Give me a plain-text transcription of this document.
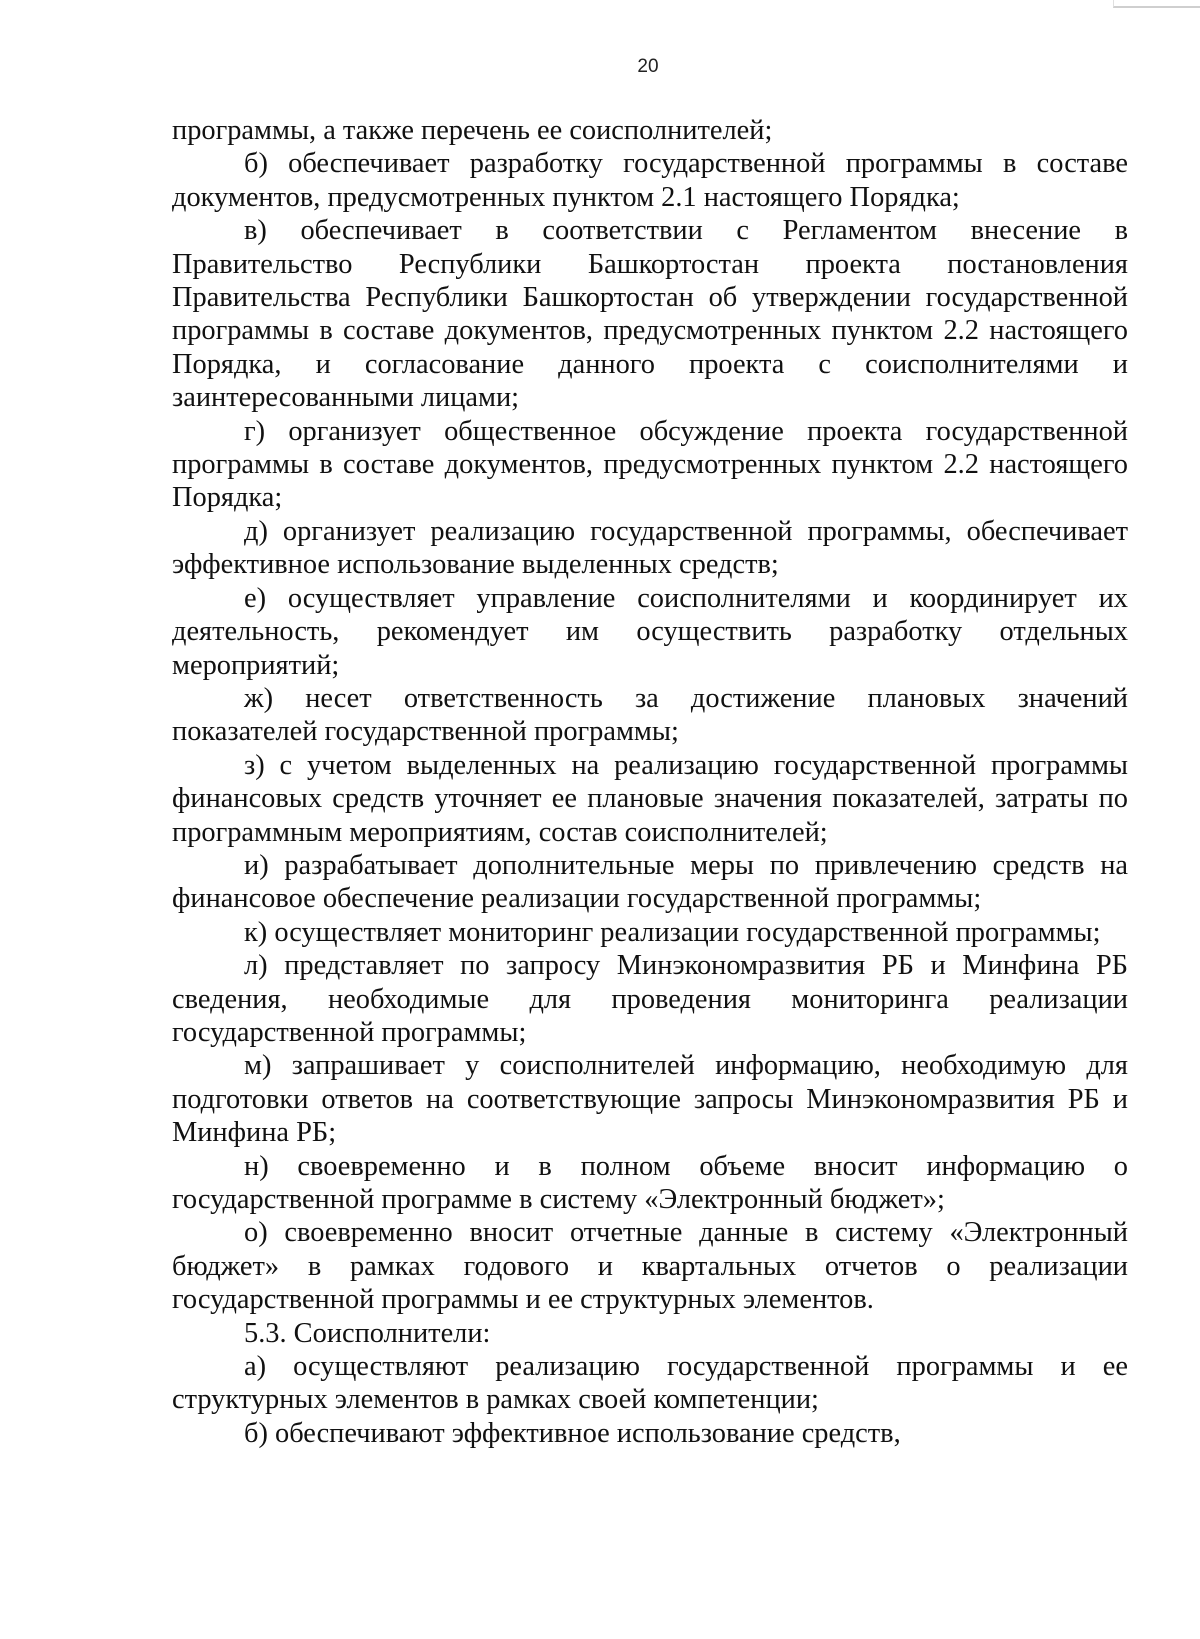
20

программы, а также перечень ее соисполнителей;

б) обеспечивает разработку государственной программы в составе документов, предусмотренных пунктом 2.1 настоящего Порядка;

в) обеспечивает в соответствии с Регламентом внесение в Правительство Республики Башкортостан проекта постановления Правительства Республики Башкортостан об утверждении государственной программы в составе документов, предусмотренных пунктом 2.2 настоящего Порядка, и согласование данного проекта с соисполнителями и заинтересованными лицами;

г) организует общественное обсуждение проекта государственной программы в составе документов, предусмотренных пунктом 2.2 настоящего Порядка;

д) организует реализацию государственной программы, обеспечивает эффективное использование выделенных средств;

е) осуществляет управление соисполнителями и координирует их деятельность, рекомендует им осуществить разработку отдельных мероприятий;

ж) несет ответственность за достижение плановых значений показателей государственной программы;

з) с учетом выделенных на реализацию государственной программы финансовых средств уточняет ее плановые значения показателей, затраты по программным мероприятиям, состав соисполнителей;

и) разрабатывает дополнительные меры по привлечению средств на финансовое обеспечение реализации государственной программы;

к) осуществляет мониторинг реализации государственной программы;

л) представляет по запросу Минэкономразвития РБ и Минфина РБ сведения, необходимые для проведения мониторинга реализации государственной программы;

м) запрашивает у соисполнителей информацию, необходимую для подготовки ответов на соответствующие запросы Минэкономразвития РБ и Минфина РБ;

н) своевременно и в полном объеме вносит информацию о государственной программе в систему «Электронный бюджет»;

о) своевременно вносит отчетные данные в систему «Электронный бюджет» в рамках годового и квартальных отчетов о реализации государственной программы и ее структурных элементов.

5.3. Соисполнители:

а) осуществляют реализацию государственной программы и ее структурных элементов в рамках своей компетенции;

б) обеспечивают эффективное использование средств,
